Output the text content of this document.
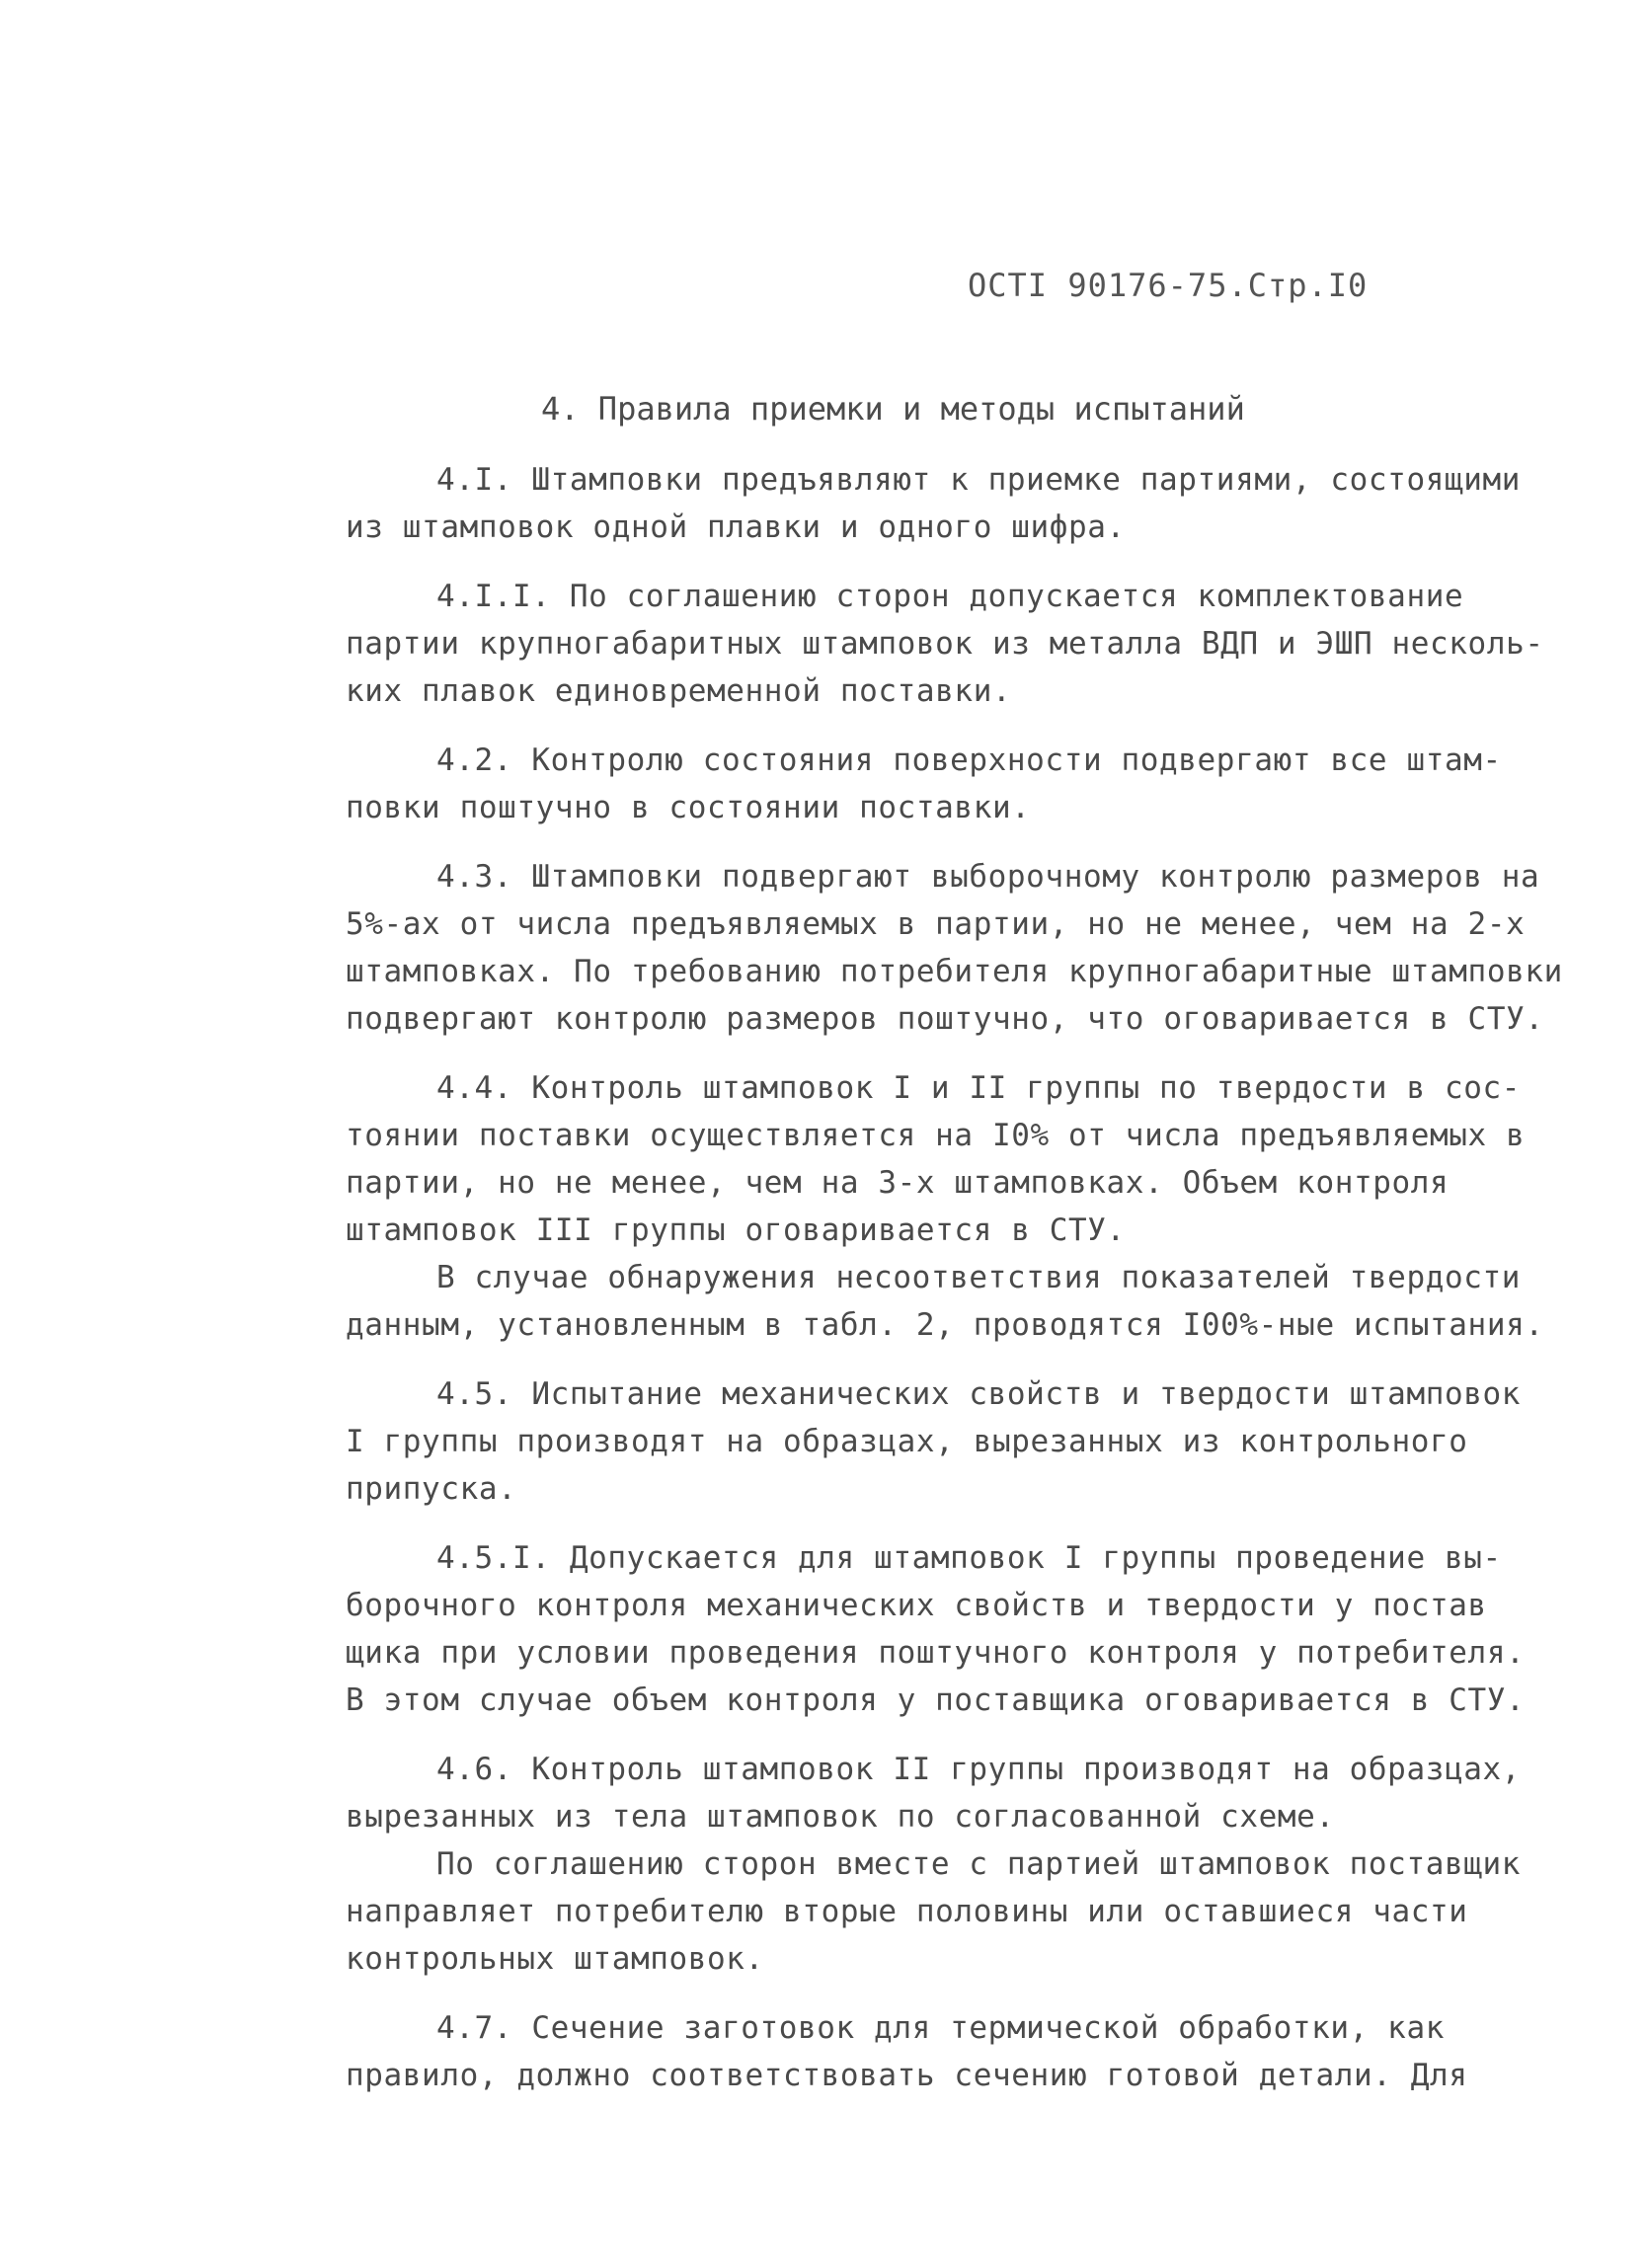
ОСТI 90176-75.Стр.I0
4. Правила приемки и методы испытаний
4.I. Штамповки предъявляют к приемке партиями, состоящими
из штамповок одной плавки и одного шифра.
4.I.I. По соглашению сторон допускается комплектование
партии крупногабаритных штамповок из металла ВДП и ЭШП несколь-
ких плавок единовременной поставки.
4.2. Контролю состояния поверхности подвергают все штам-
повки поштучно в состоянии поставки.
4.3. Штамповки подвергают выборочному контролю размеров на
5%-ах от числа предъявляемых в партии, но не менее, чем на 2-х
штамповках. По требованию потребителя крупногабаритные штамповки
подвергают контролю размеров поштучно, что оговаривается в СТУ.
4.4. Контроль штамповок I и II группы по твердости в сос-
тоянии поставки осуществляется на I0% от числа предъявляемых в
партии, но не менее, чем на 3-х штамповках. Объем контроля
штамповок III группы оговаривается в СТУ.
В случае обнаружения несоответствия показателей твердости
данным, установленным в табл. 2, проводятся I00%-ные испытания.
4.5. Испытание механических свойств и твердости штамповок
I группы производят на образцах, вырезанных из контрольного
припуска.
4.5.I. Допускается для штамповок I группы проведение вы-
борочного контроля механических свойств и твердости у постав
щика при условии проведения поштучного контроля у потребителя.
В этом случае объем контроля у поставщика оговаривается в СТУ.
4.6. Контроль штамповок II группы производят на образцах,
вырезанных из тела штамповок по согласованной схеме.
По соглашению сторон вместе с партией штамповок поставщик
направляет потребителю вторые половины или оставшиеся части
контрольных штамповок.
4.7. Сечение заготовок для термической обработки, как
правило, должно соответствовать сечению готовой детали. Для
